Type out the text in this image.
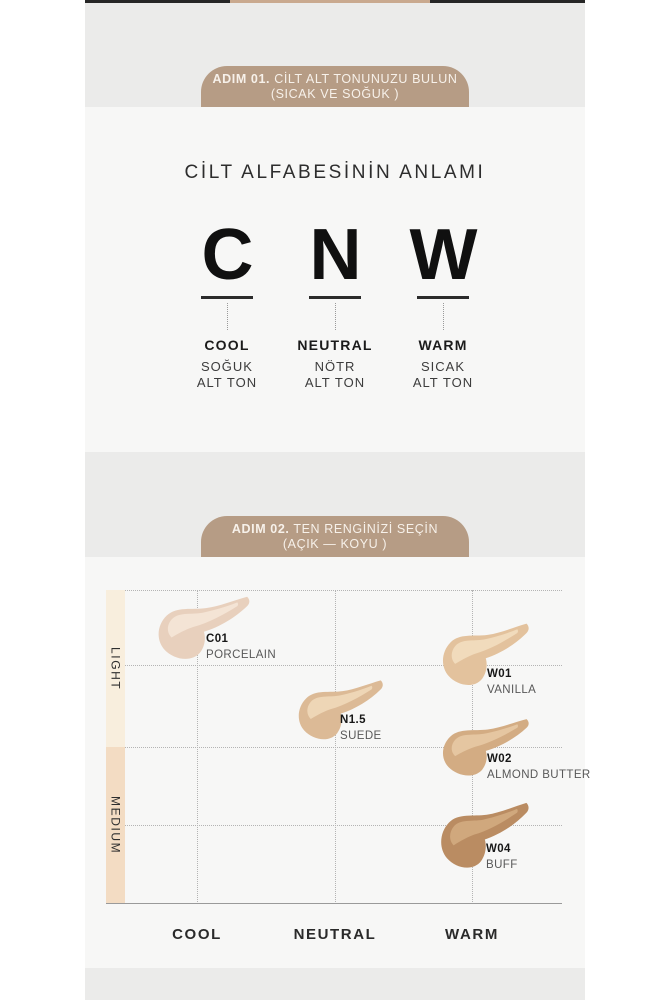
ADIM 01. CİLT ALT TONUNUZU BULUN
(SICAK VE SOĞUK )
CİLT ALFABESİNİN ANLAMI
C
COOL
SOĞUK
ALT TON
N
NEUTRAL
NÖTR
ALT TON
W
WARM
SICAK
ALT TON
ADIM 02. TEN RENGİNİZİ SEÇİN
(AÇIK — KOYU )
LIGHT
MEDIUM
C01
PORCELAIN
N1.5
SUEDE
W01
VANILLA
W02
ALMOND BUTTER
W04
BUFF
COOL	NEUTRAL	WARM
